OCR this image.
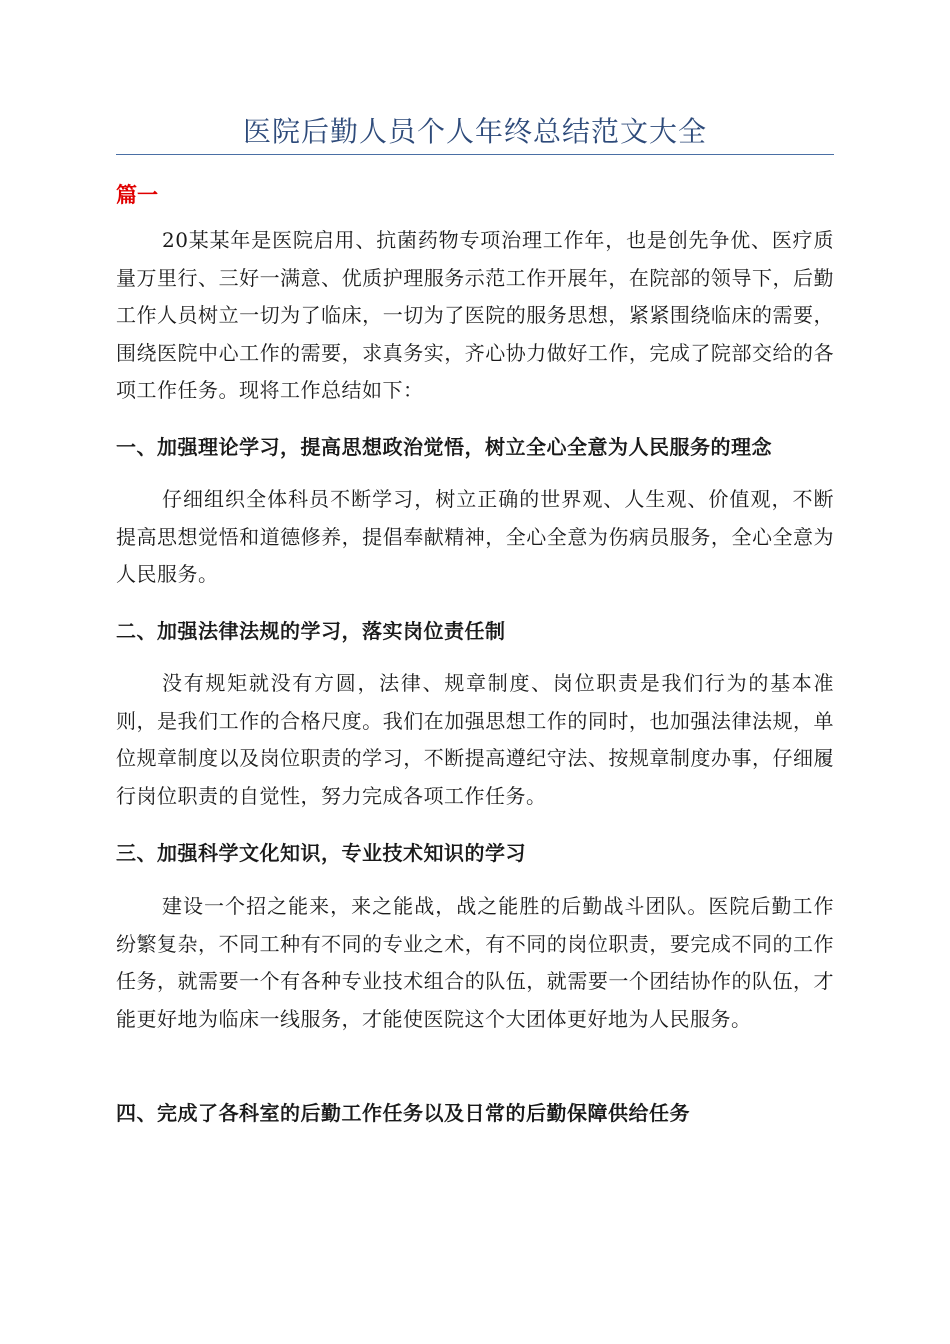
医院后勤人员个人年终总结范文大全
篇一

20某某年是医院启用、抗菌药物专项治理工作年，也是创先争优、医疗质量万里行、三好一满意、优质护理服务示范工作开展年，在院部的领导下，后勤工作人员树立一切为了临床，一切为了医院的服务思想，紧紧围绕临床的需要，围绕医院中心工作的需要，求真务实，齐心协力做好工作，完成了院部交给的各项工作任务。现将工作总结如下：

一、加强理论学习，提高思想政治觉悟，树立全心全意为人民服务的理念

仔细组织全体科员不断学习，树立正确的世界观、人生观、价值观，不断提高思想觉悟和道德修养，提倡奉献精神，全心全意为伤病员服务，全心全意为人民服务。

二、加强法律法规的学习，落实岗位责任制

没有规矩就没有方圆，法律、规章制度、岗位职责是我们行为的基本准则，是我们工作的合格尺度。我们在加强思想工作的同时，也加强法律法规，单位规章制度以及岗位职责的学习，不断提高遵纪守法、按规章制度办事，仔细履行岗位职责的自觉性，努力完成各项工作任务。

三、加强科学文化知识，专业技术知识的学习

建设一个招之能来，来之能战，战之能胜的后勤战斗团队。医院后勤工作纷繁复杂，不同工种有不同的专业之术，有不同的岗位职责，要完成不同的工作任务，就需要一个有各种专业技术组合的队伍，就需要一个团结协作的队伍，才能更好地为临床一线服务，才能使医院这个大团体更好地为人民服务。

四、完成了各科室的后勤工作任务以及日常的后勤保障供给任务
